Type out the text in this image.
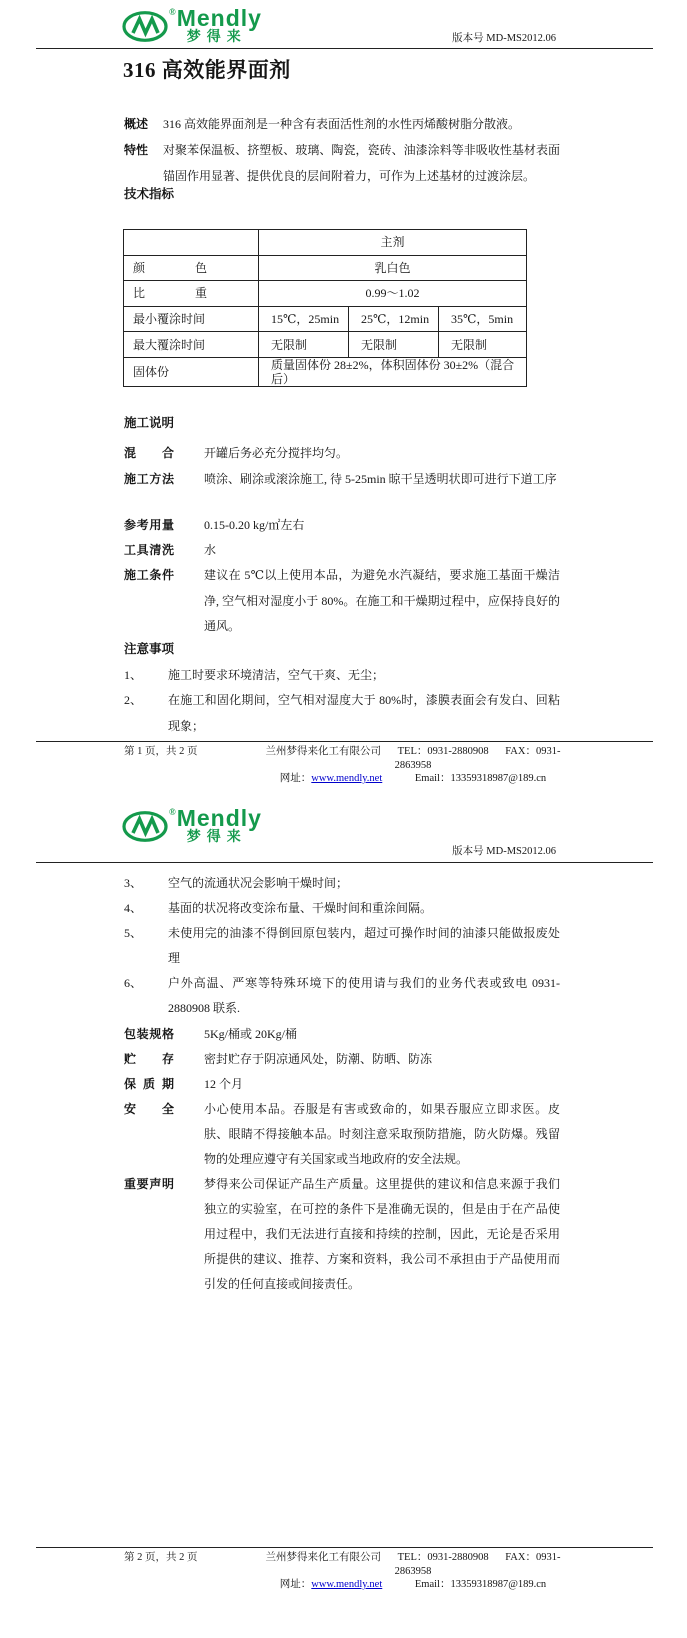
® Mendly
梦得来	版本号 MD-MS2012.06
316 高效能界面剂
概述 316 高效能界面剂是一种含有表面活性剂的水性丙烯酸树脂分散液。
特性 对聚苯保温板、挤塑板、玻璃、陶瓷，瓷砖、油漆涂料等非吸收性基材表面锚固作用显著、提供优良的层间附着力，可作为上述基材的过渡涂层。
技术指标
	主剂		
颜 色	乳白色		
比 重	0.99～1.02		
最小覆涂时间	15℃，25min	25℃，12min	35℃，5min
最大覆涂时间	无限制	无限制	无限制
固体份	质量固体份 28±2%，体积固体份 30±2%（混合后）		
施工说明
混 合	开罐后务必充分搅拌均匀。
施工方法	喷涂、刷涂或滚涂施工, 待 5-25min 晾干呈透明状即可进行下道工序
参考用量	0.15-0.20 kg/㎡左右
工具清洗	水
施工条件	建议在 5℃以上使用本品，为避免水汽凝结，要求施工基面干燥洁净, 空气相对湿度小于 80%。在施工和干燥期过程中，应保持良好的通风。
注意事项
1、	施工时要求环境清洁，空气干爽、无尘；
2、	在施工和固化期间，空气相对湿度大于 80%时，漆膜表面会有发白、回粘现象；
第 1 页，共 2 页	兰州梦得来化工有限公司 TEL：0931-2880908 FAX：0931-2863958
网址：www.mendly.net	Email：13359318987@189.cn
® Mendly
梦得来
版本号 MD-MS2012.06
3、	空气的流通状况会影响干燥时间；
4、	基面的状况将改变涂布量、干燥时间和重涂间隔。
5、	未使用完的油漆不得倒回原包装内，超过可操作时间的油漆只能做报废处理
6、	户外高温、严寒等特殊环境下的使用请与我们的业务代表或致电 0931-2880908 联系.
包装规格	5Kg/桶或 20Kg/桶
贮 存	密封贮存于阴凉通风处，防潮、防晒、防冻
保 质 期	12 个月
安 全	小心使用本品。吞服是有害或致命的，如果吞服应立即求医。皮肤、眼睛不得接触本品。时刻注意采取预防措施，防火防爆。残留物的处理应遵守有关国家或当地政府的安全法规。
重要声明	梦得来公司保证产品生产质量。这里提供的建议和信息来源于我们独立的实验室，在可控的条件下是准确无误的，但是由于在产品使用过程中，我们无法进行直接和持续的控制，因此，无论是否采用所提供的建议、推荐、方案和资料，我公司不承担由于产品使用而引发的任何直接或间接责任。
第 2 页，共 2 页	兰州梦得来化工有限公司 TEL：0931-2880908 FAX：0931-2863958
网址：www.mendly.net	Email：13359318987@189.cn
